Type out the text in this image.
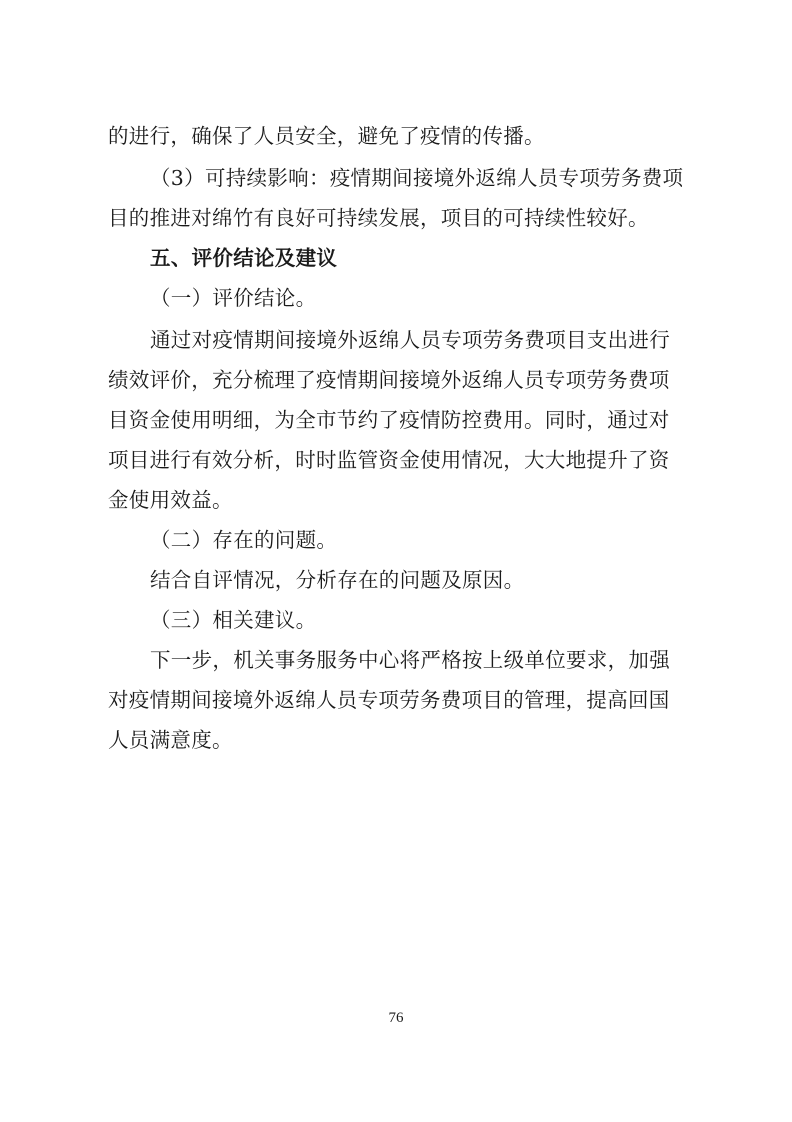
的进行，确保了人员安全，避免了疫情的传播。
（3）可持续影响：疫情期间接境外返绵人员专项劳务费项
目的推进对绵竹有良好可持续发展，项目的可持续性较好。
五、评价结论及建议
（一）评价结论。
通过对疫情期间接境外返绵人员专项劳务费项目支出进行
绩效评价，充分梳理了疫情期间接境外返绵人员专项劳务费项
目资金使用明细，为全市节约了疫情防控费用。同时，通过对
项目进行有效分析，时时监管资金使用情况，大大地提升了资
金使用效益。
（二）存在的问题。
结合自评情况，分析存在的问题及原因。
（三）相关建议。
下一步，机关事务服务中心将严格按上级单位要求，加强
对疫情期间接境外返绵人员专项劳务费项目的管理，提高回国
人员满意度。
76
